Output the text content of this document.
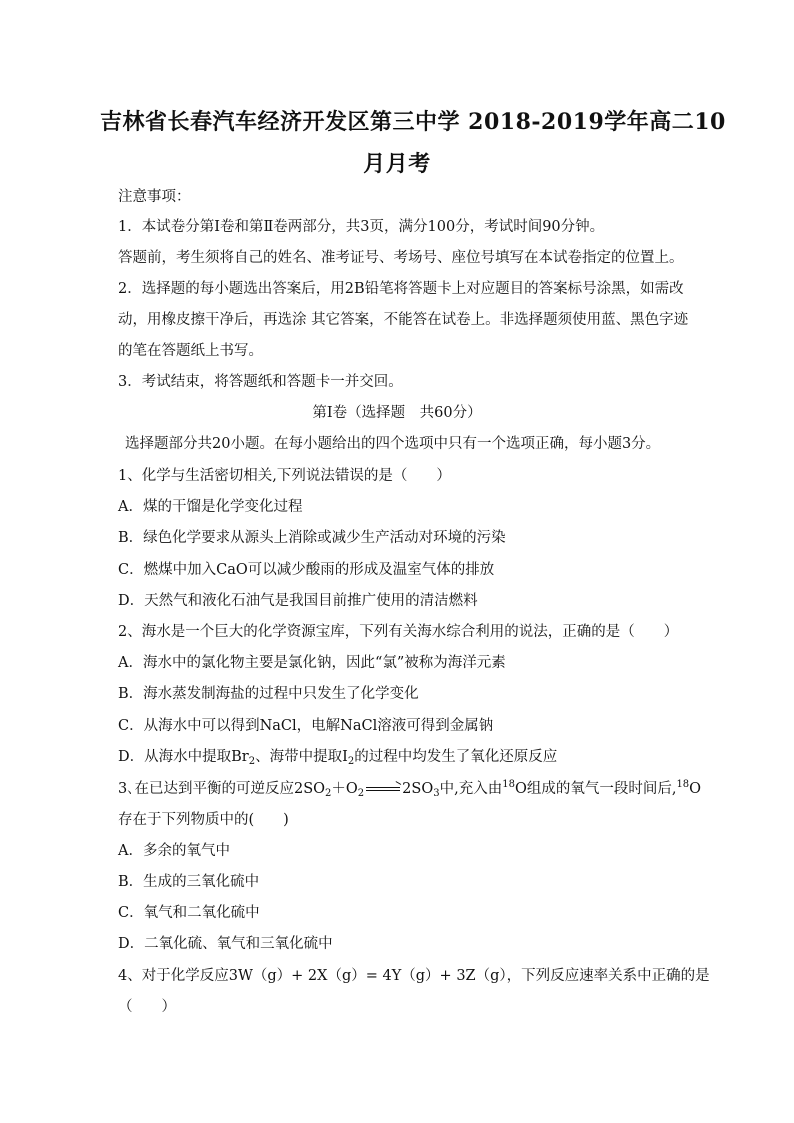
吉林省长春汽车经济开发区第三中学 2018-2019学年高二10
月月考
注意事项：
1．本试卷分第Ⅰ卷和第Ⅱ卷两部分，共3页，满分100分，考试时间90分钟。
答题前，考生须将自己的姓名、准考证号、考场号、座位号填写在本试卷指定的位置上。
2．选择题的每小题选出答案后，用2B铅笔将答题卡上对应题目的答案标号涂黑，如需改
动，用橡皮擦干净后，再选涂 其它答案，不能答在试卷上。非选择题须使用蓝、黑色字迹
的笔在答题纸上书写。
3．考试结束，将答题纸和答题卡一并交回。
第Ⅰ卷（选择题　共60分）
选择题部分共20小题。在每小题给出的四个选项中只有一个选项正确，每小题3分。
1、化学与生活密切相关,下列说法错误的是（　　）
A．煤的干馏是化学变化过程
B．绿色化学要求从源头上消除或减少生产活动对环境的污染
C．燃煤中加入CaO可以减少酸雨的形成及温室气体的排放
D．天然气和液化石油气是我国目前推广使用的清洁燃料
2、海水是一个巨大的化学资源宝库，下列有关海水综合利用的说法，正确的是（　　）
A．海水中的氯化物主要是氯化钠，因此“氯”被称为海洋元素
B．海水蒸发制海盐的过程中只发生了化学变化
C．从海水中可以得到NaCl，电解NaCl溶液可得到金属钠
D．从海水中提取$Br_2$、海带中提取$I_2$的过程中均发生了氧化还原反应
3､在已达到平衡的可逆反应$2SO_2+O_2 \to 2SO_3$中,充入由$^{18}$O组成的氧气一段时间后,$^{18}$O
存在于下列物质中的(　　)
A．多余的氧气中
B．生成的三氧化硫中
C．氧气和二氧化硫中
D．二氧化硫、氧气和三氧化硫中
4、对于化学反应3W（g）+ 2X（g）= 4Y（g）+ 3Z（g），下列反应速率关系中正确的是
（　　）
